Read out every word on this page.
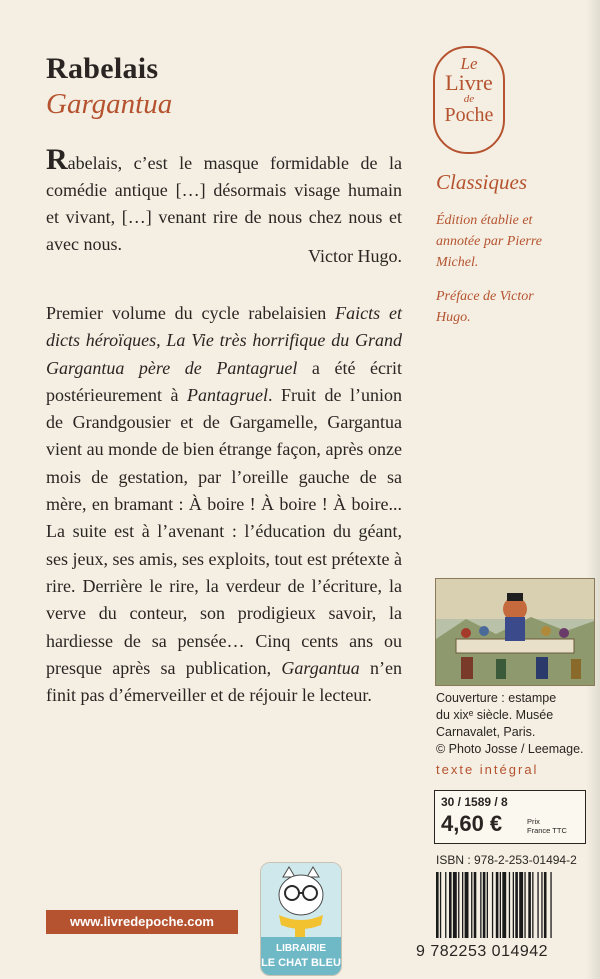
Rabelais
Gargantua
Le
Livre
de
Poche
Rabelais, c’est le masque formidable de la comédie antique […] désormais visage humain et vivant, […] venant rire de nous chez nous et avec nous.
Victor Hugo.
Premier volume du cycle rabelaisien Faicts et dicts héroïques, La Vie très horrifique du Grand Gargantua père de Pantagruel a été écrit postérieurement à Pantagruel. Fruit de l’union de Grandgousier et de Gargamelle, Gargantua vient au monde de bien étrange façon, après onze mois de gestation, par l’oreille gauche de sa mère, en bramant : À boire ! À boire ! À boire... La suite est à l’avenant : l’éducation du géant, ses jeux, ses amis, ses exploits, tout est prétexte à rire. Derrière le rire, la verdeur de l’écriture, la verve du conteur, son prodigieux savoir, la hardiesse de sa pensée… Cinq cents ans ou presque après sa publication, Gargantua n’en finit pas d’émerveiller et de réjouir le lecteur.
Classiques
Édition établie et annotée par Pierre Michel.
Préface de Victor Hugo.
Couverture : estampe
du xixᵉ siècle. Musée
Carnavalet, Paris.
© Photo Josse / Leemage.
texte intégral
30 / 1589 / 8
4,60 €	Prix
France TTC
ISBN : 978-2-253-01494-2
9 782253 014942
www.livredepoche.com
LIBRAIRIE
LE CHAT BLEU
